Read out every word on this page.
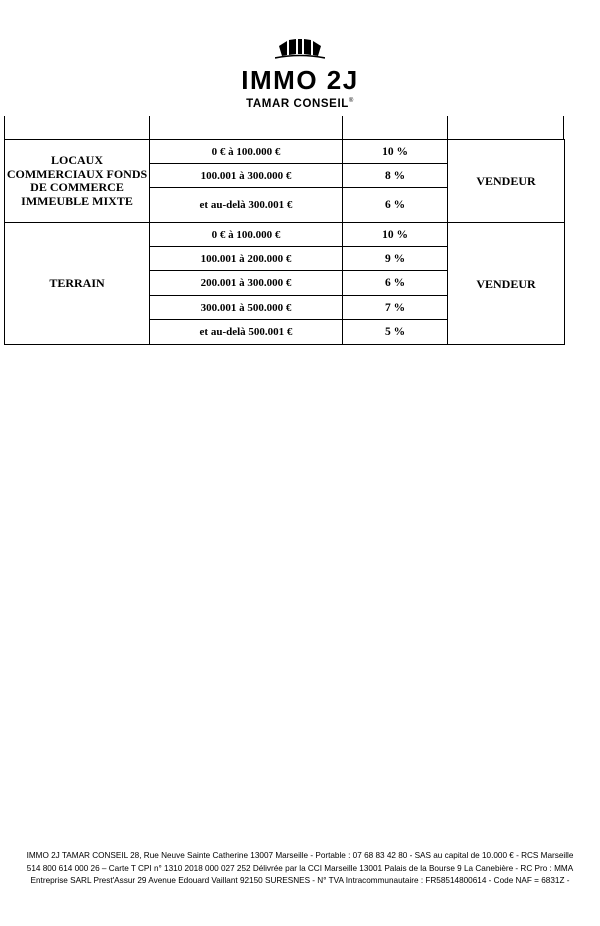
IMMO 2J
TAMAR CONSEIL®
LOCAUX COMMERCIAUX FONDS DE COMMERCE IMMEUBLE MIXTE	0 € à 100.000 €	10 %	VENDEUR
	100.001 à 300.000 €	8 %	
	et au-delà 300.001 €	6 %	
TERRAIN	0 € à 100.000 €	10 %	VENDEUR
	100.001 à 200.000 €	9 %	
	200.001 à 300.000 €	6 %	
	300.001 à 500.000 €	7 %	
	et au-delà 500.001 €	5 %	
IMMO 2J TAMAR CONSEIL 28, Rue Neuve Sainte Catherine 13007 Marseille - Portable : 07 68 83 42 80 - SAS au capital de 10.000 € - RCS Marseille
514 800 614 000 26 – Carte T CPI n° 1310 2018 000 027 252 Délivrée par la CCI Marseille 13001 Palais de la Bourse 9 La Canebière - RC Pro : MMA
Entreprise SARL Prest'Assur 29 Avenue Edouard Vaillant 92150 SURESNES - N° TVA Intracommunautaire : FR58514800614 - Code NAF = 6831Z -
